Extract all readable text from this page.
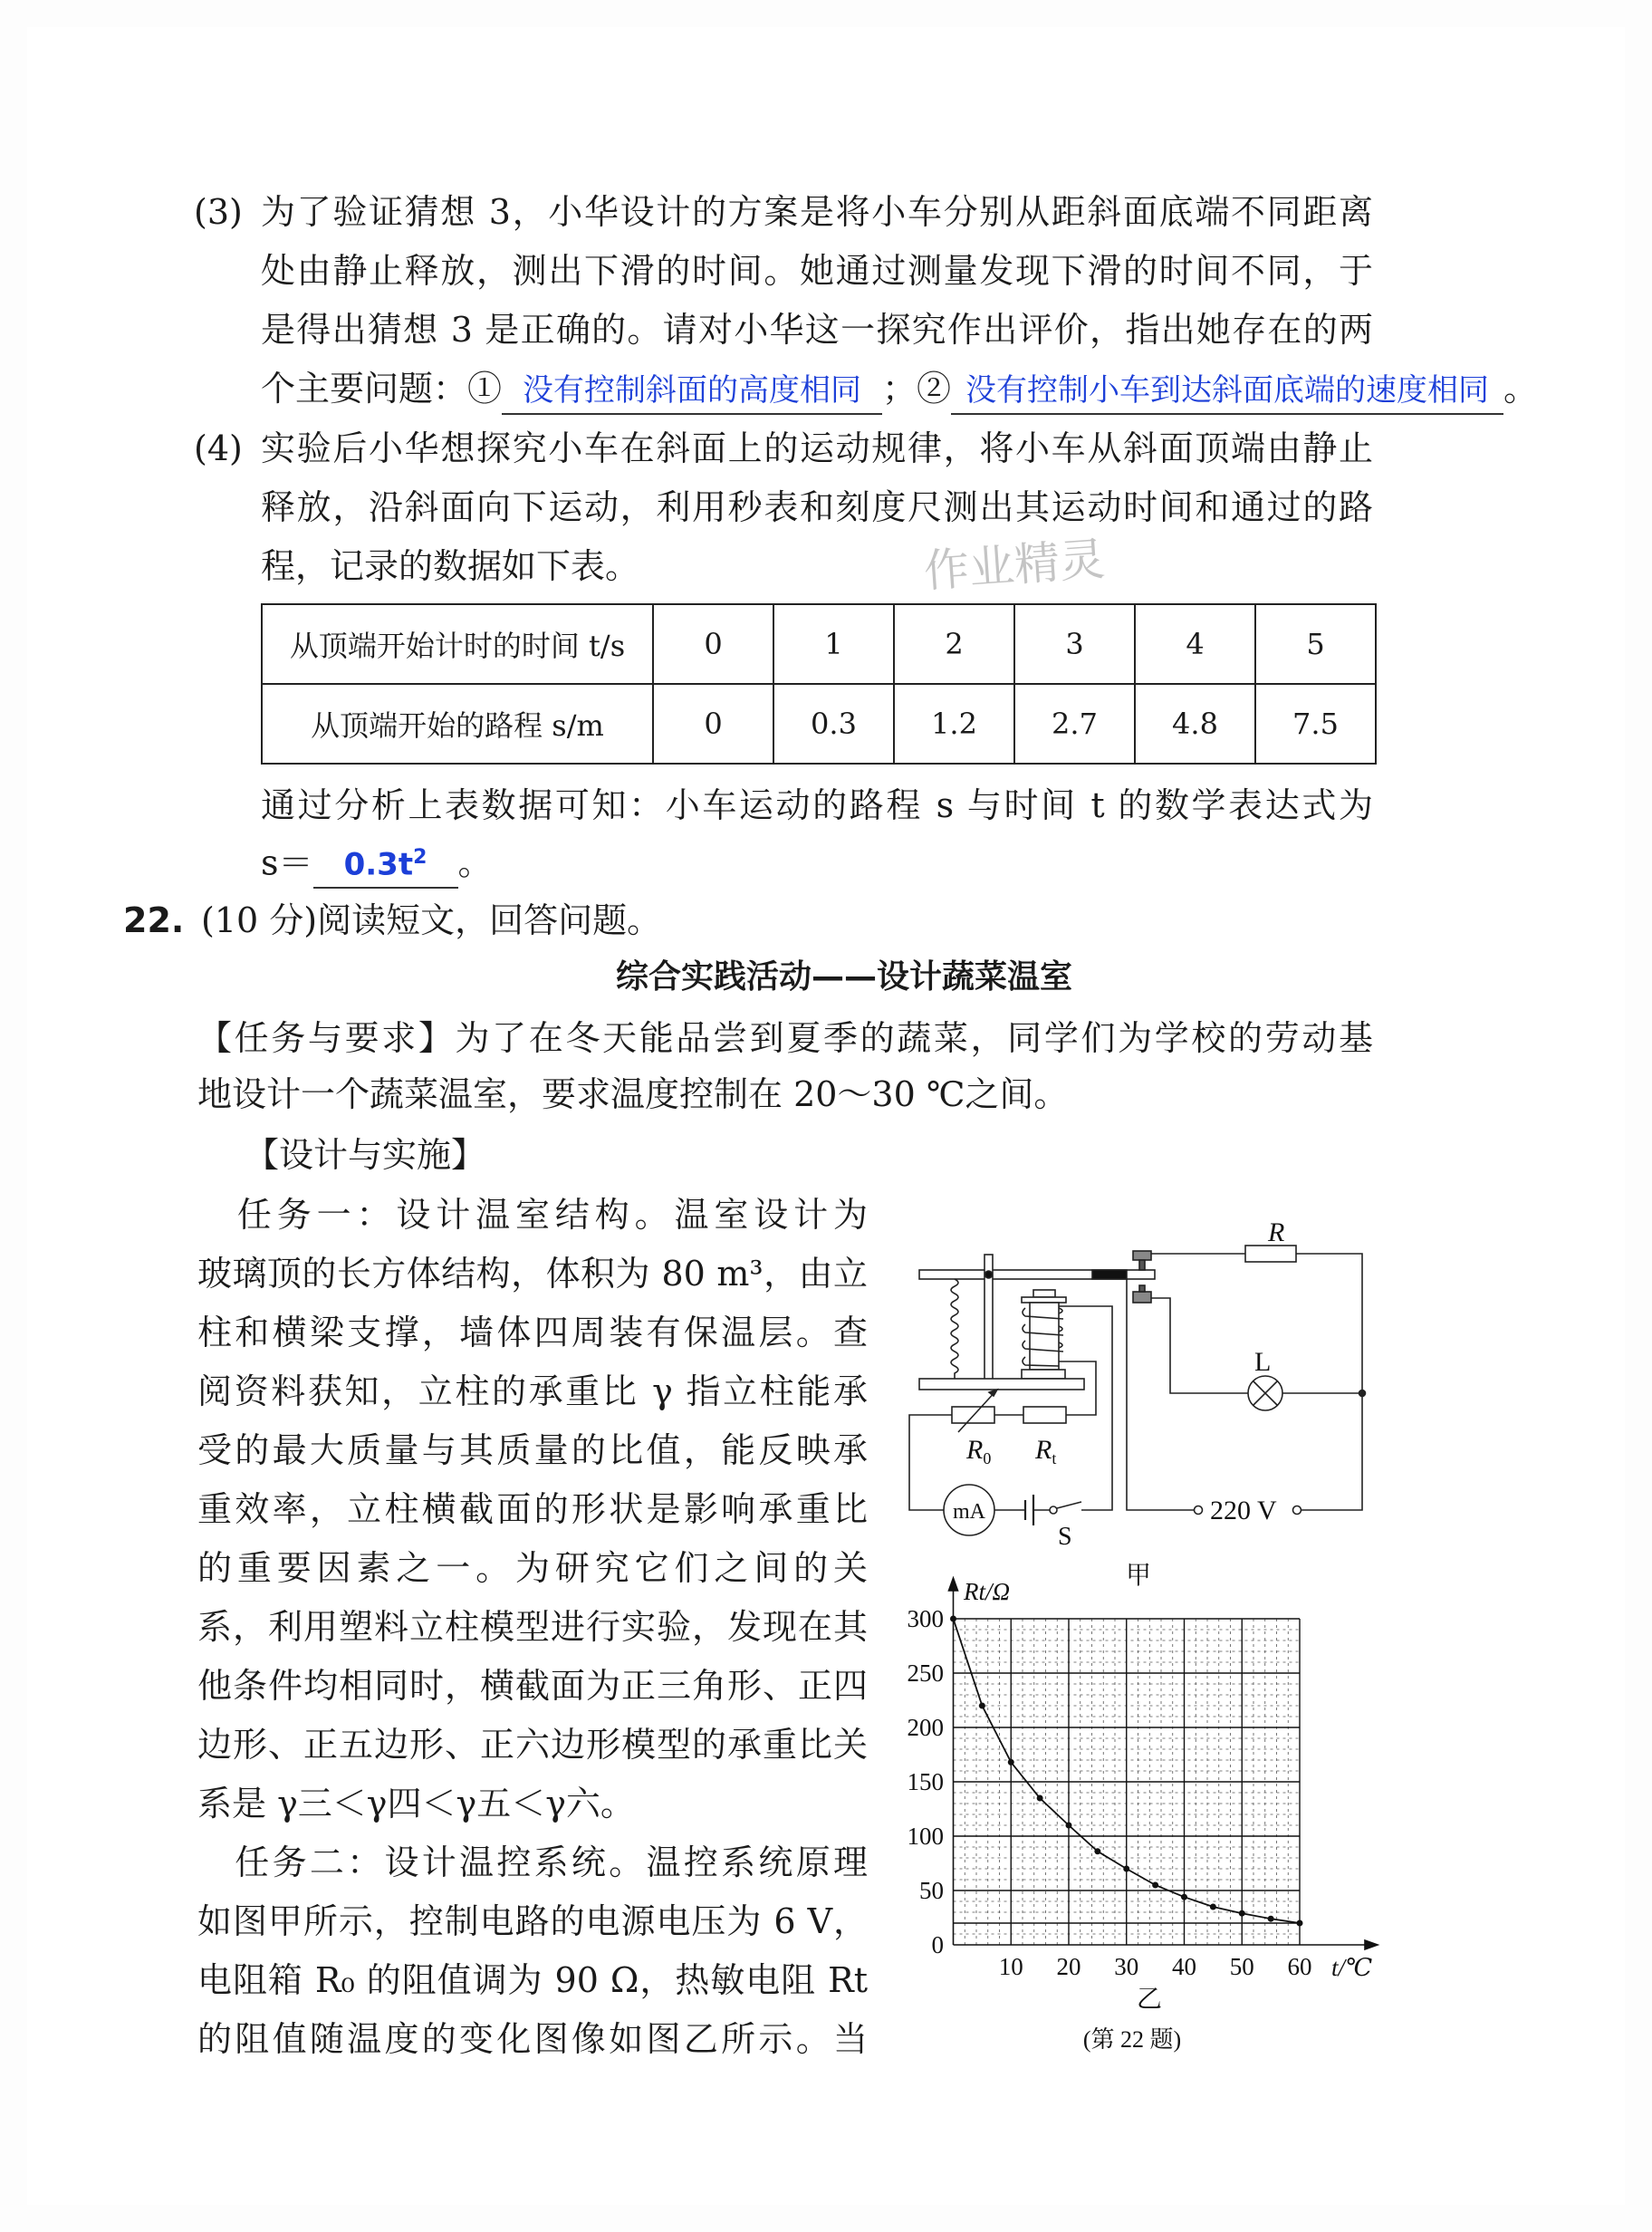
作业精灵
(3) 为了验证猜想 3，小华设计的方案是将小车分别从距斜面底端不同距离
处由静止释放，测出下滑的时间。她通过测量发现下滑的时间不同，于
是得出猜想 3 是正确的。请对小华这一探究作出评价，指出她存在的两
个主要问题：① 没有控制斜面的高度相同 ；② 没有控制小车到达斜面底端的速度相同 。
(4) 实验后小华想探究小车在斜面上的运动规律，将小车从斜面顶端由静止
释放，沿斜面向下运动，利用秒表和刻度尺测出其运动时间和通过的路
程，记录的数据如下表。
从顶端开始计时的时间 t/s	0	1	2	3	4	5
从顶端开始的路程 s/m	0	0.3	1.2	2.7	4.8	7.5
通过分析上表数据可知：小车运动的路程 s 与时间 t 的数学表达式为
$s= 0.3t^2$ 。
22. (10 分)阅读短文，回答问题。
综合实践活动——设计蔬菜温室
【任务与要求】为了在冬天能品尝到夏季的蔬菜，同学们为学校的劳动基
地设计一个蔬菜温室，要求温度控制在 20～30 ℃之间。
【设计与实施】
　任务一：设计温室结构。温室设计为
玻璃顶的长方体结构，体积为 80 m³，由立
柱和横梁支撑，墙体四周装有保温层。查
阅资料获知，立柱的承重比 γ 指立柱能承
受的最大质量与其质量的比值，能反映承
重效率，立柱横截面的形状是影响承重比
的重要因素之一。为研究它们之间的关
系，利用塑料立柱模型进行实验，发现在其
他条件均相同时，横截面为正三角形、正四
边形、正五边形、正六边形模型的承重比关
系是 γ三＜γ四＜γ五＜γ六。
　任务二：设计温控系统。温控系统原理
如图甲所示，控制电路的电源电压为 6 V，
电阻箱 R₀ 的阻值调为 90 Ω，热敏电阻 Rt
的阻值随温度的变化图像如图乙所示。当
R
L
$R_0$ $R_t$
mA
S
220 V
甲
10 20 30 40 50 60
0
50
100
150
200
250
300
Rt/Ω
t/℃
乙
(第 22 题)
